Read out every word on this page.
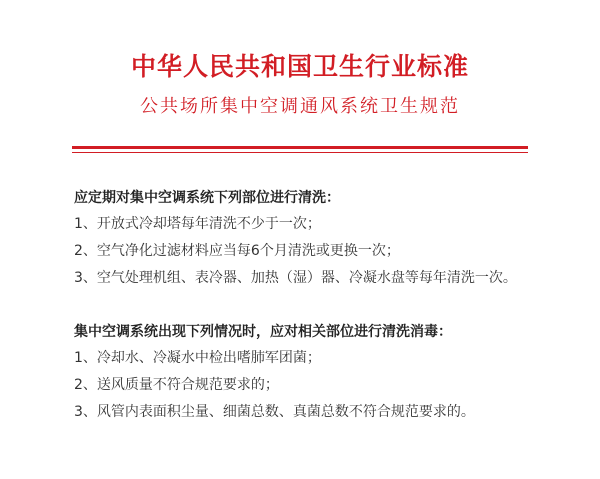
中华人民共和国卫生行业标准
公共场所集中空调通风系统卫生规范
应定期对集中空调系统下列部位进行清洗：
1、开放式冷却塔每年清洗不少于一次；
2、空气净化过滤材料应当每6个月清洗或更换一次；
3、空气处理机组、表冷器、加热（湿）器、冷凝水盘等每年清洗一次。
集中空调系统出现下列情况时，应对相关部位进行清洗消毒：
1、冷却水、冷凝水中检出嗜肺军团菌；
2、送风质量不符合规范要求的；
3、风管内表面积尘量、细菌总数、真菌总数不符合规范要求的。
